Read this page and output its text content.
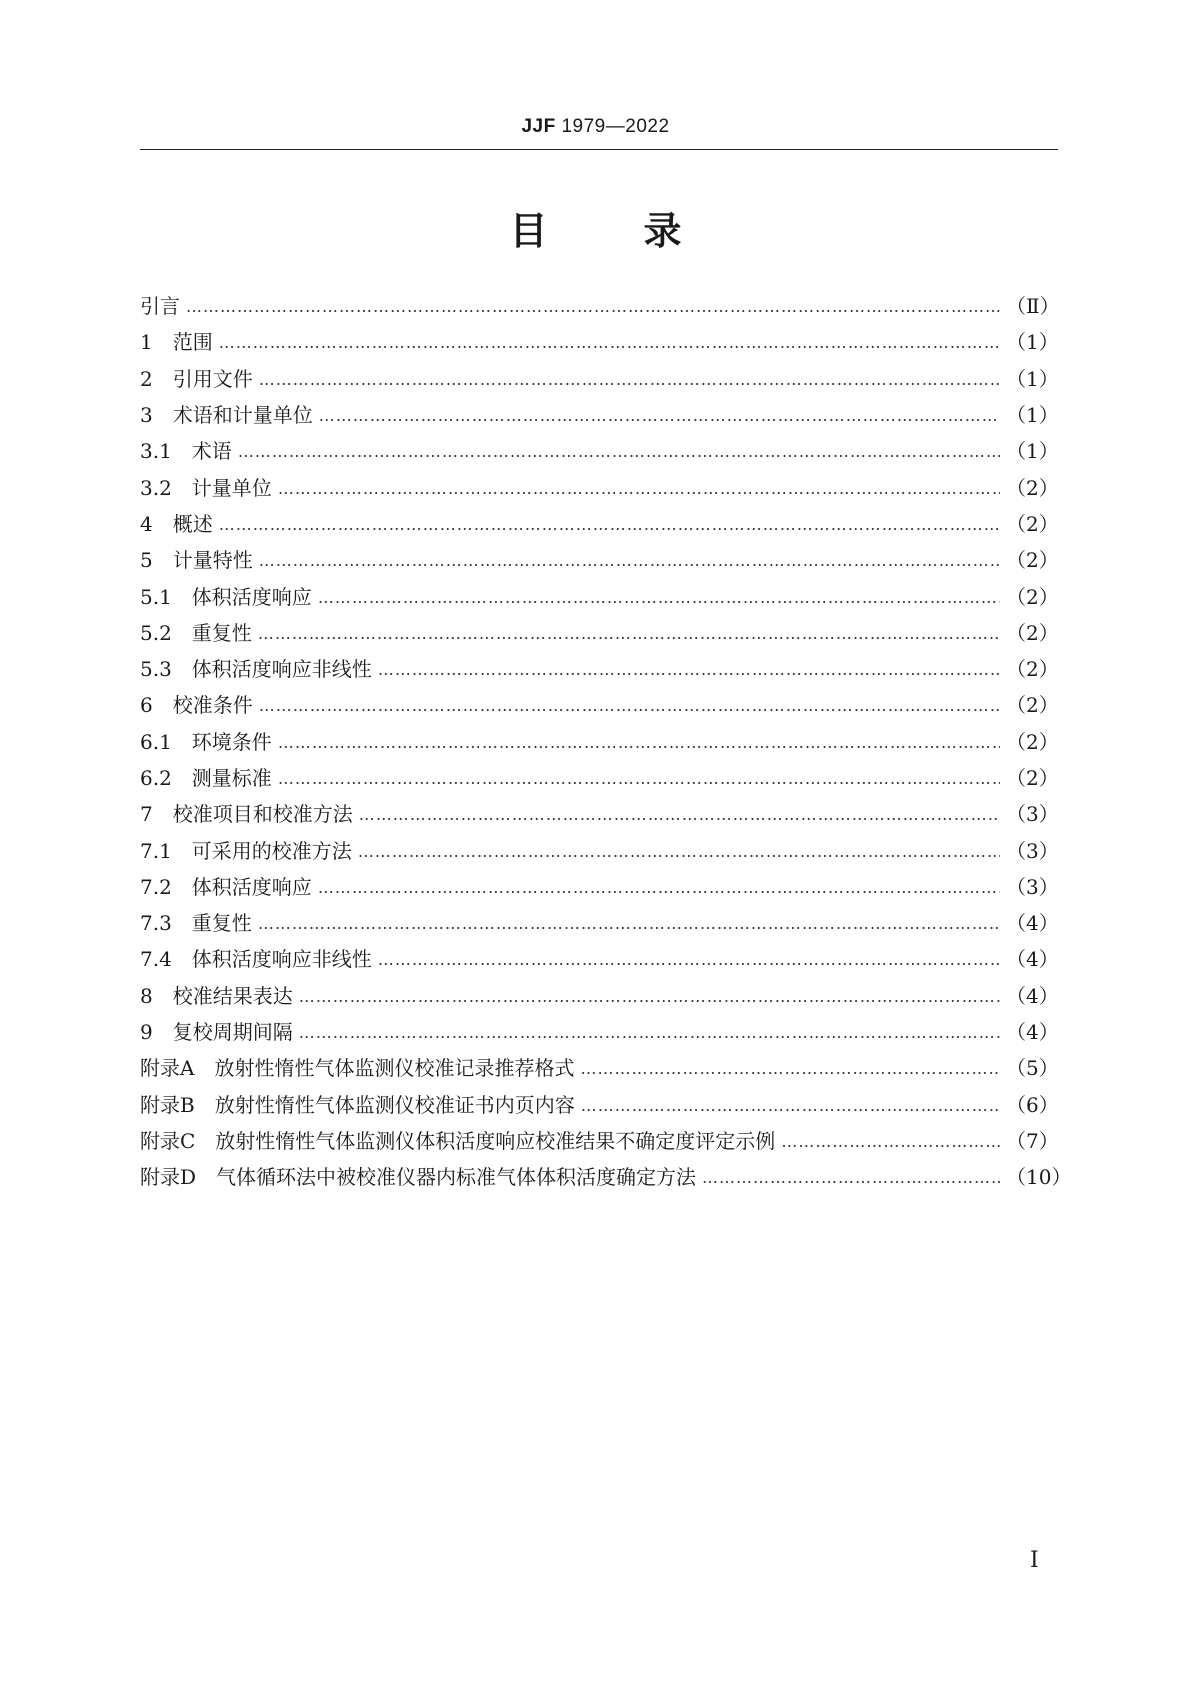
JJF 1979—2022
目	录
引言 …………………………………………………………………………………………………………………………………………………………………………………………………………………………	（Ⅱ）
1　范围 …………………………………………………………………………………………………………………………………………………………………………………………………………………………	（1）
2　引用文件 …………………………………………………………………………………………………………………………………………………………………………………………………………………………	（1）
3　术语和计量单位 …………………………………………………………………………………………………………………………………………………………………………………………………………………………	（1）
3.1　术语 …………………………………………………………………………………………………………………………………………………………………………………………………………………………	（1）
3.2　计量单位 …………………………………………………………………………………………………………………………………………………………………………………………………………………………	（2）
4　概述 …………………………………………………………………………………………………………………………………………………………………………………………………………………………	（2）
5　计量特性 …………………………………………………………………………………………………………………………………………………………………………………………………………………………	（2）
5.1　体积活度响应 …………………………………………………………………………………………………………………………………………………………………………………………………………………………	（2）
5.2　重复性 …………………………………………………………………………………………………………………………………………………………………………………………………………………………	（2）
5.3　体积活度响应非线性 …………………………………………………………………………………………………………………………………………………………………………………………………………………………	（2）
6　校准条件 …………………………………………………………………………………………………………………………………………………………………………………………………………………………	（2）
6.1　环境条件 …………………………………………………………………………………………………………………………………………………………………………………………………………………………	（2）
6.2　测量标准 …………………………………………………………………………………………………………………………………………………………………………………………………………………………	（2）
7　校准项目和校准方法 …………………………………………………………………………………………………………………………………………………………………………………………………………………………	（3）
7.1　可采用的校准方法 …………………………………………………………………………………………………………………………………………………………………………………………………………………………	（3）
7.2　体积活度响应 …………………………………………………………………………………………………………………………………………………………………………………………………………………………	（3）
7.3　重复性 …………………………………………………………………………………………………………………………………………………………………………………………………………………………	（4）
7.4　体积活度响应非线性 …………………………………………………………………………………………………………………………………………………………………………………………………………………………	（4）
8　校准结果表达 …………………………………………………………………………………………………………………………………………………………………………………………………………………………	（4）
9　复校周期间隔 …………………………………………………………………………………………………………………………………………………………………………………………………………………………	（4）
附录A　放射性惰性气体监测仪校准记录推荐格式 …………………………………………………………………………………………………………………………………………………………………………………………………………………………	（5）
附录B　放射性惰性气体监测仪校准证书内页内容 …………………………………………………………………………………………………………………………………………………………………………………………………………………………	（6）
附录C　放射性惰性气体监测仪体积活度响应校准结果不确定度评定示例 …………………………………………………………………………………………………………………………………………………………………………………………………………………………	（7）
附录D　气体循环法中被校准仪器内标准气体体积活度确定方法 …………………………………………………………………………………………………………………………………………………………………………………………………………………………	（10）
Ⅰ
